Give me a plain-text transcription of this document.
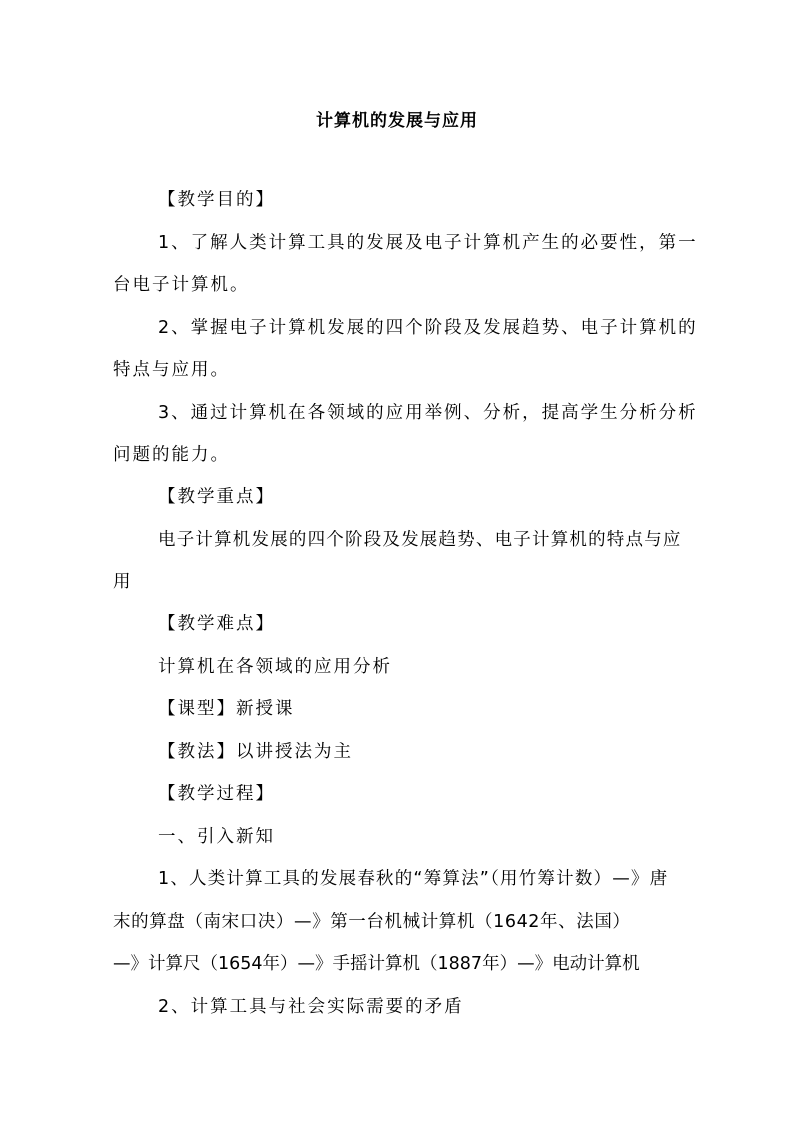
计算机的发展与应用
【教学目的】
1、了解人类计算工具的发展及电子计算机产生的必要性，第一
台电子计算机。
2、掌握电子计算机发展的四个阶段及发展趋势、电子计算机的
特点与应用。
3、通过计算机在各领域的应用举例、分析，提高学生分析分析
问题的能力。
【教学重点】
电子计算机发展的四个阶段及发展趋势、电子计算机的特点与应
用
【教学难点】
计算机在各领域的应用分析
【课型】新授课
【教法】以讲授法为主
【教学过程】
一、引入新知
1、人类计算工具的发展春秋的“筹算法”（用竹筹计数）—》唐
末的算盘（南宋口决）—》第一台机械计算机（1642年、法国）
—》计算尺（1654年）—》手摇计算机（1887年）—》电动计算机
2、计算工具与社会实际需要的矛盾
